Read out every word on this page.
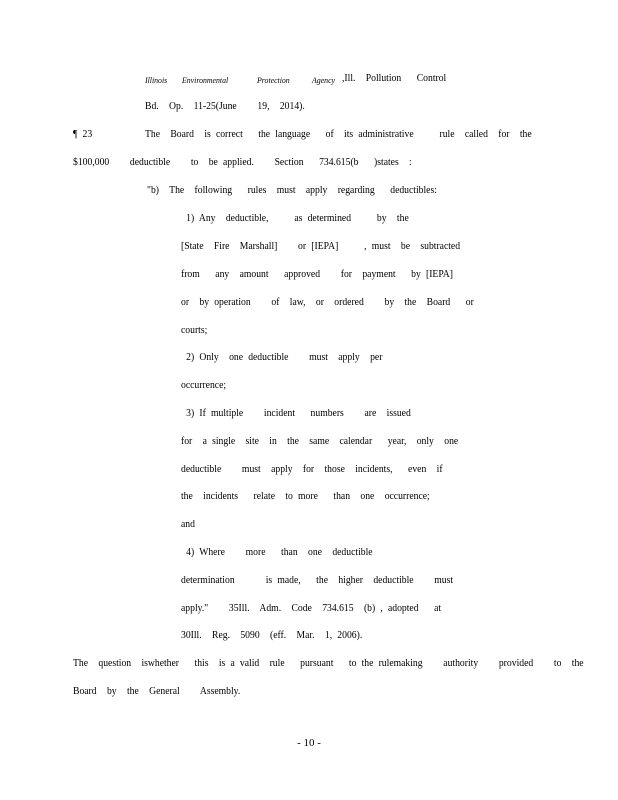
Illinois Environmental	Protection	Agency ,Ill.  Pollution   Control
Bd.  Op.  11-25(June    19,  2014).
¶ 23	The  Board  is correct   the language   of  its administrative     rule  called  for  the
$100,000    deductible    to  be applied.    Section   734.615(b   )states  :
"b)  The  following   rules  must  apply  regarding   deductibles:
1) Any  deductible,     as determined     by  the
[State  Fire  Marshall]    or [IEPA]     , must  be  subtracted
from   any  amount   approved    for  payment   by [IEPA]
or  by operation    of  law,  or  ordered    by  the  Board   or
courts;
2) Only  one deductible    must  apply  per
occurrence;
3) If multiple    incident   numbers    are  issued
for  a single  site  in  the  same  calendar   year,  only  one
deductible    must  apply  for  those  incidents,   even  if
the  incidents   relate  to more   than  one  occurrence;
and
4) Where    more   than  one  deductible
determination      is made,   the  higher  deductible    must
apply."    35Ill.  Adm.  Code  734.615  (b) , adopted   at
30Ill.  Reg.  5090  (eff.  Mar.  1, 2006).
The  question  iswhether   this  is a valid  rule   pursuant   to the rulemaking    authority    provided    to  the
Board  by  the  General    Assembly.
- 10 -
